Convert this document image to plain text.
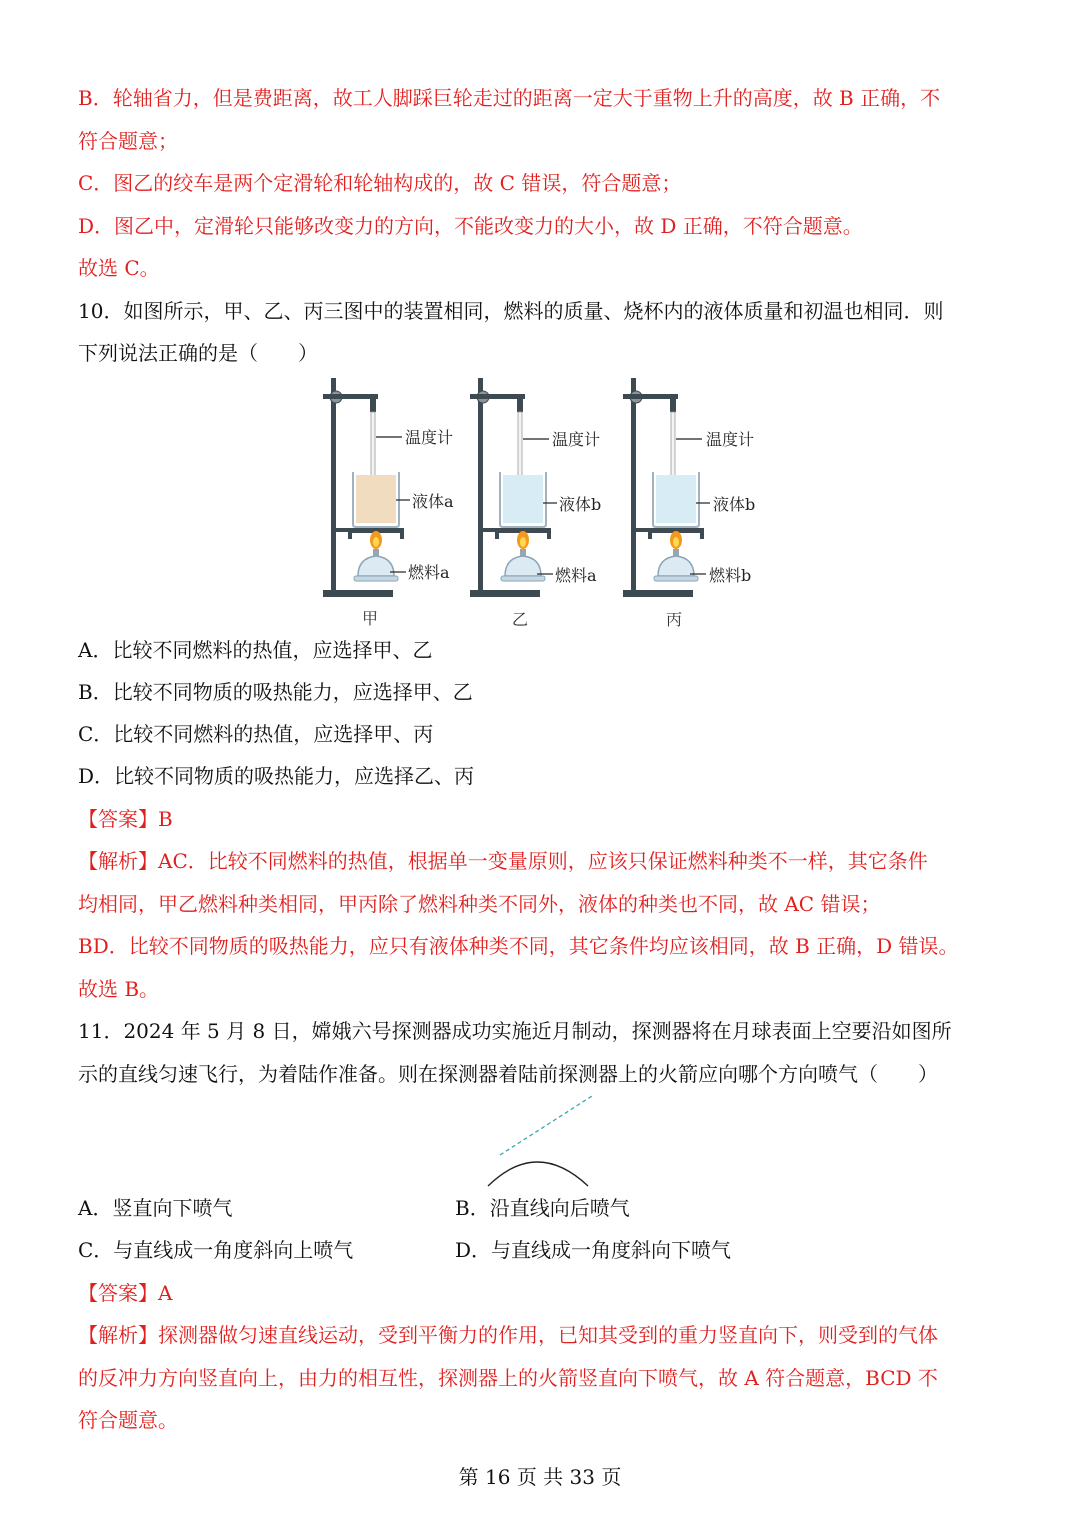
B．轮轴省力，但是费距离，故工人脚踩巨轮走过的距离一定大于重物上升的高度，故 B 正确，不
符合题意；
C．图乙的绞车是两个定滑轮和轮轴构成的，故 C 错误，符合题意；
D．图乙中，定滑轮只能够改变力的方向，不能改变力的大小，故 D 正确，不符合题意。
故选 C。
10．如图所示，甲、乙、丙三图中的装置相同，燃料的质量、烧杯内的液体质量和初温也相同．则
下列说法正确的是（　　）
温度计
液体a
燃料a
甲
温度计
液体b
燃料a
乙
温度计
液体b
燃料b
丙
A．比较不同燃料的热值，应选择甲、乙
B．比较不同物质的吸热能力，应选择甲、乙
C．比较不同燃料的热值，应选择甲、丙
D．比较不同物质的吸热能力，应选择乙、丙
【答案】B
【解析】AC．比较不同燃料的热值，根据单一变量原则，应该只保证燃料种类不一样，其它条件
均相同，甲乙燃料种类相同，甲丙除了燃料种类不同外，液体的种类也不同，故 AC 错误；
BD．比较不同物质的吸热能力，应只有液体种类不同，其它条件均应该相同，故 B 正确，D 错误。
故选 B。
11．2024 年 5 月 8 日，嫦娥六号探测器成功实施近月制动，探测器将在月球表面上空要沿如图所
示的直线匀速飞行，为着陆作准备。则在探测器着陆前探测器上的火箭应向哪个方向喷气（　　）
A．竖直向下喷气	B．沿直线向后喷气
C．与直线成一角度斜向上喷气	D．与直线成一角度斜向下喷气
【答案】A
【解析】探测器做匀速直线运动，受到平衡力的作用，已知其受到的重力竖直向下，则受到的气体
的反冲力方向竖直向上，由力的相互性，探测器上的火箭竖直向下喷气，故 A 符合题意，BCD 不
符合题意。
第 16 页 共 33 页
